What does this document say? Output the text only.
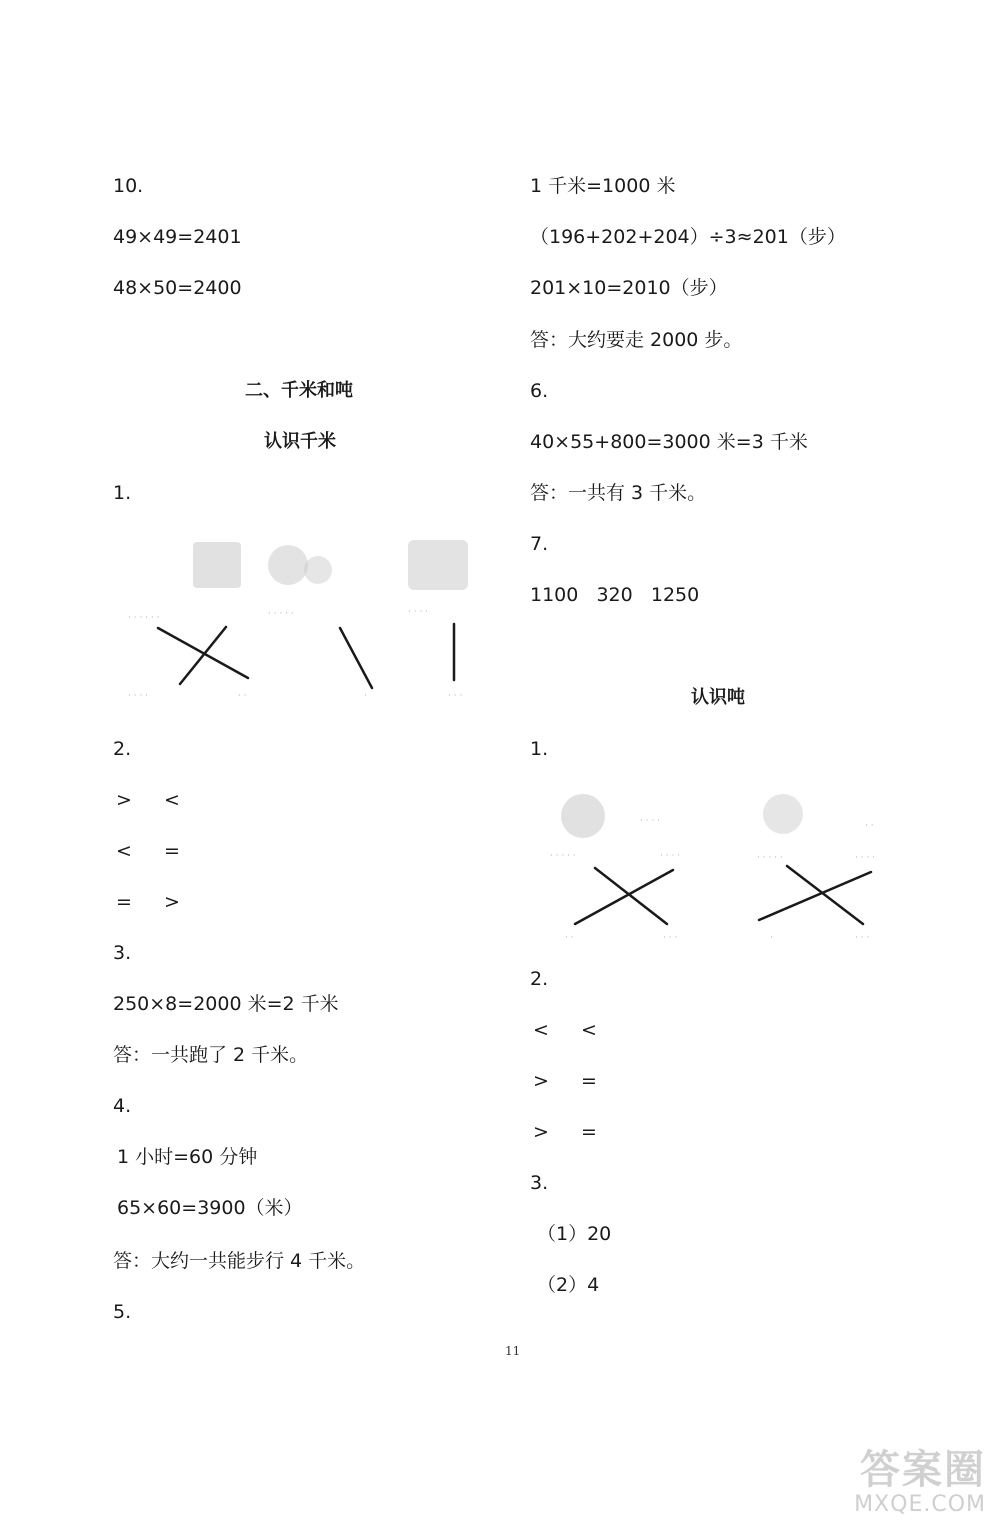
10.
49×49=2401
48×50=2400
二、千米和吨
认识千米
1.
· · · · · ·	· · · · ·	· · · ·
· · · ·	· ·	·	· · ·
2.
> <
< =
= >
3.
250×8=2000 米=2 千米
答：一共跑了 2 千米。
4.
1 小时=60 分钟
65×60=3900（米）
答：大约一共能步行 4 千米。
5.
1 千米=1000 米
（196+202+204）÷3≈201（步）
201×10=2010（步）
答：大约要走 2000 步。
6.
40×55+800=3000 米=3 千米
答：一共有 3 千米。
7.
1100   320   1250
认识吨
1.
· · · ·	· ·
· · · · ·	· · · ·	· · · · ·	· · · ·
· ·	· · ·	·	· · ·
2.
< <
> =
> =
3.
（1）20
（2）4
11
答案圈
MXQE.COM
